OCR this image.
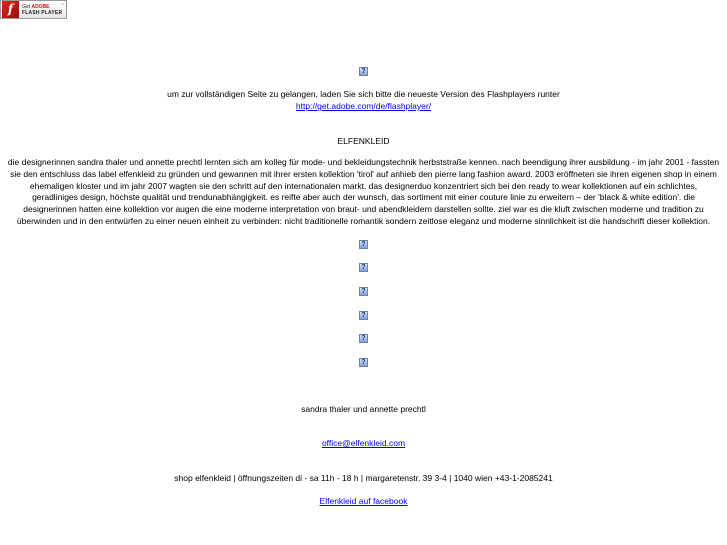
f	Get ADOBE
FLASH PLAYER
▫
?
um zur vollständigen Seite zu gelangen, laden Sie sich bitte die neueste Version des Flashplayers runter
http://get.adobe.com/de/flashplayer/
ELFENKLEID
die designerinnen sandra thaler und annette prechtl lernten sich am kolleg für mode- und bekleidungstechnik herbststraße kennen. nach beendigung ihrer ausbildung - im jahr 2001 - fassten
sie den entschluss das label elfenkleid zu gründen und gewannen mit ihrer ersten kollektion 'tirol' auf anhieb den pierre lang fashion award. 2003 eröffneten sie ihren eigenen shop in einem
ehemaligen kloster und im jahr 2007 wagten sie den schritt auf den internationalen markt. das designerduo konzentriert sich bei den ready to wear kollektionen auf ein schlichtes,
geradliniges design, höchste qualität und trendunabhängigkeit. es reifte aber auch der wunsch, das sortiment mit einer couture linie zu erweitern – der 'black & white edition'. die
designerinnen hatten eine kollektion vor augen die eine moderne interpretation von braut- und abendkleidern darstellen sollte. ziel war es die kluft zwischen moderne und tradition zu
überwinden und in den entwürfen zu einer neuen einheit zu verbinden: nicht traditionelle romantik sondern zeitlose eleganz und moderne sinnlichkeit ist die handschrift dieser kollektion.
?
?
?
?
?
?
sandra thaler und annette prechtl
office@elfenkleid.com
shop elfenkleid | öffnungszeiten di - sa 11h - 18 h | margaretenstr. 39 3-4 | 1040 wien +43-1-2085241
Elfenkleid auf facebook
